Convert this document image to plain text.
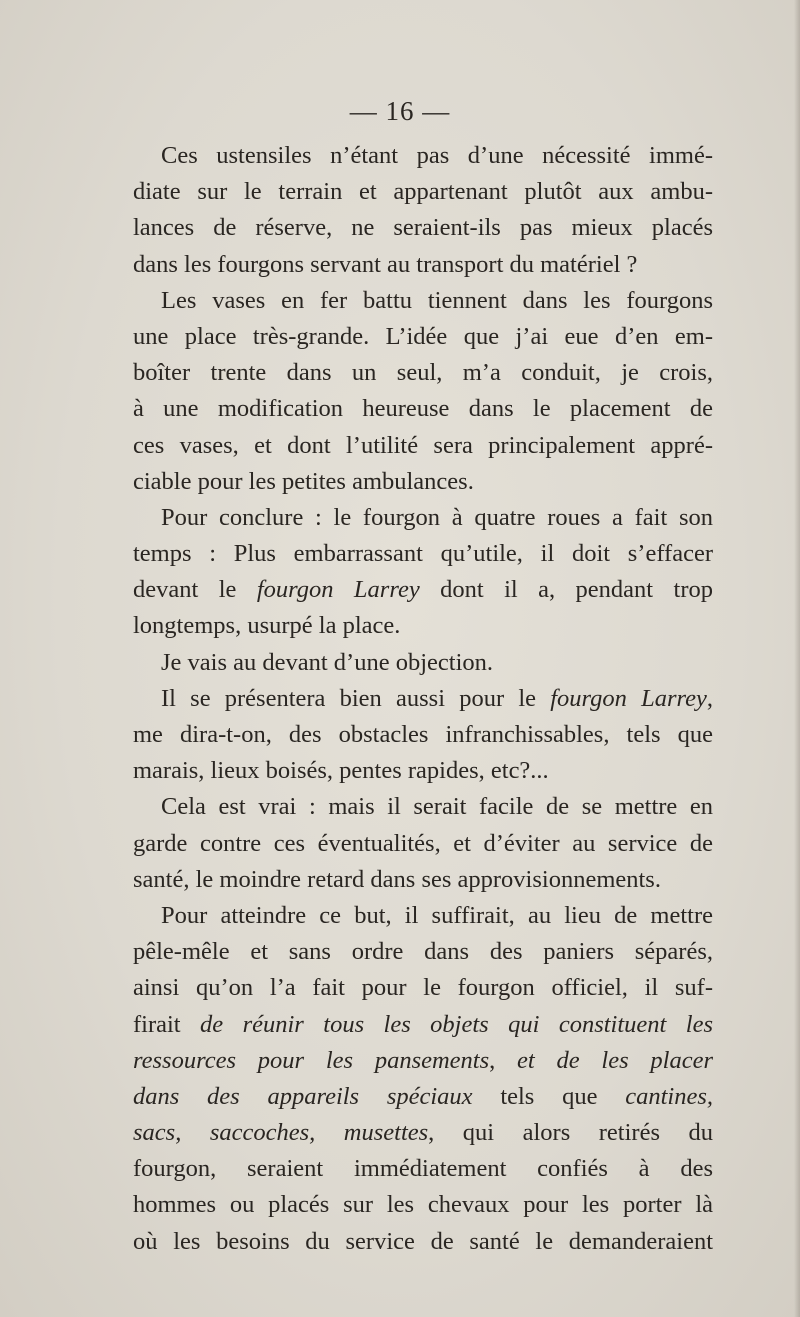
— 16 —
Ces ustensiles n’étant pas d’une nécessité immé-
diate sur le terrain et appartenant plutôt aux ambu-
lances de réserve, ne seraient-ils pas mieux placés
dans les fourgons servant au transport du matériel ?
Les vases en fer battu tiennent dans les fourgons
une place très-grande. L’idée que j’ai eue d’en em-
boîter trente dans un seul, m’a conduit, je crois,
à une modification heureuse dans le placement de
ces vases, et dont l’utilité sera principalement appré-
ciable pour les petites ambulances.
Pour conclure : le fourgon à quatre roues a fait son
temps : Plus embarrassant qu’utile, il doit s’effacer
devant le fourgon Larrey dont il a, pendant trop
longtemps, usurpé la place.
Je vais au devant d’une objection.
Il se présentera bien aussi pour le fourgon Larrey,
me dira-t-on, des obstacles infranchissables, tels que
marais, lieux boisés, pentes rapides, etc?...
Cela est vrai : mais il serait facile de se mettre en
garde contre ces éventualités, et d’éviter au service de
santé, le moindre retard dans ses approvisionnements.
Pour atteindre ce but, il suffirait, au lieu de mettre
pêle-mêle et sans ordre dans des paniers séparés,
ainsi qu’on l’a fait pour le fourgon officiel, il suf-
firait de réunir tous les objets qui constituent les
ressources pour les pansements, et de les placer
dans des appareils spéciaux tels que cantines,
sacs, saccoches, musettes, qui alors retirés du
fourgon, seraient immédiatement confiés à des
hommes ou placés sur les chevaux pour les porter là
où les besoins du service de santé le demanderaient
